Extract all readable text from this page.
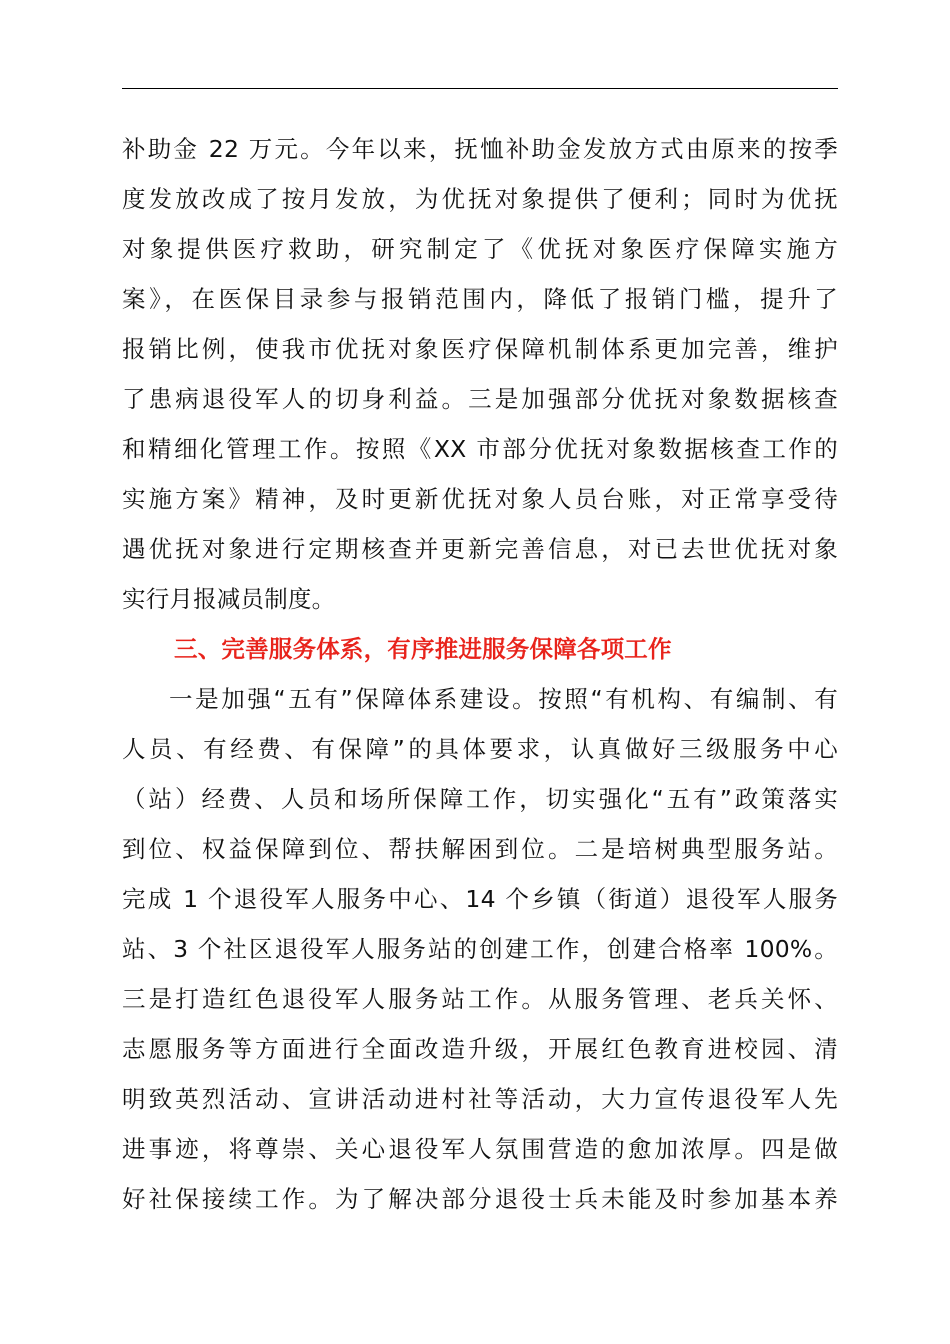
补助金 22 万元。今年以来，抚恤补助金发放方式由原来的按季
度发放改成了按月发放，为优抚对象提供了便利；同时为优抚
对象提供医疗救助，研究制定了《优抚对象医疗保障实施方
案》，在医保目录参与报销范围内，降低了报销门槛，提升了
报销比例，使我市优抚对象医疗保障机制体系更加完善，维护
了患病退役军人的切身利益。三是加强部分优抚对象数据核查
和精细化管理工作。按照《XX 市部分优抚对象数据核查工作的
实施方案》精神，及时更新优抚对象人员台账，对正常享受待
遇优抚对象进行定期核查并更新完善信息，对已去世优抚对象
实行月报减员制度。
三、完善服务体系，有序推进服务保障各项工作
一是加强“五有”保障体系建设。按照“有机构、有编制、有
人员、有经费、有保障”的具体要求，认真做好三级服务中心
（站）经费、人员和场所保障工作，切实强化“五有”政策落实
到位、权益保障到位、帮扶解困到位。二是培树典型服务站。
完成 1 个退役军人服务中心、14 个乡镇（街道）退役军人服务
站、3 个社区退役军人服务站的创建工作，创建合格率 100%。
三是打造红色退役军人服务站工作。从服务管理、老兵关怀、
志愿服务等方面进行全面改造升级，开展红色教育进校园、清
明致英烈活动、宣讲活动进村社等活动，大力宣传退役军人先
进事迹，将尊崇、关心退役军人氛围营造的愈加浓厚。四是做
好社保接续工作。为了解决部分退役士兵未能及时参加基本养
